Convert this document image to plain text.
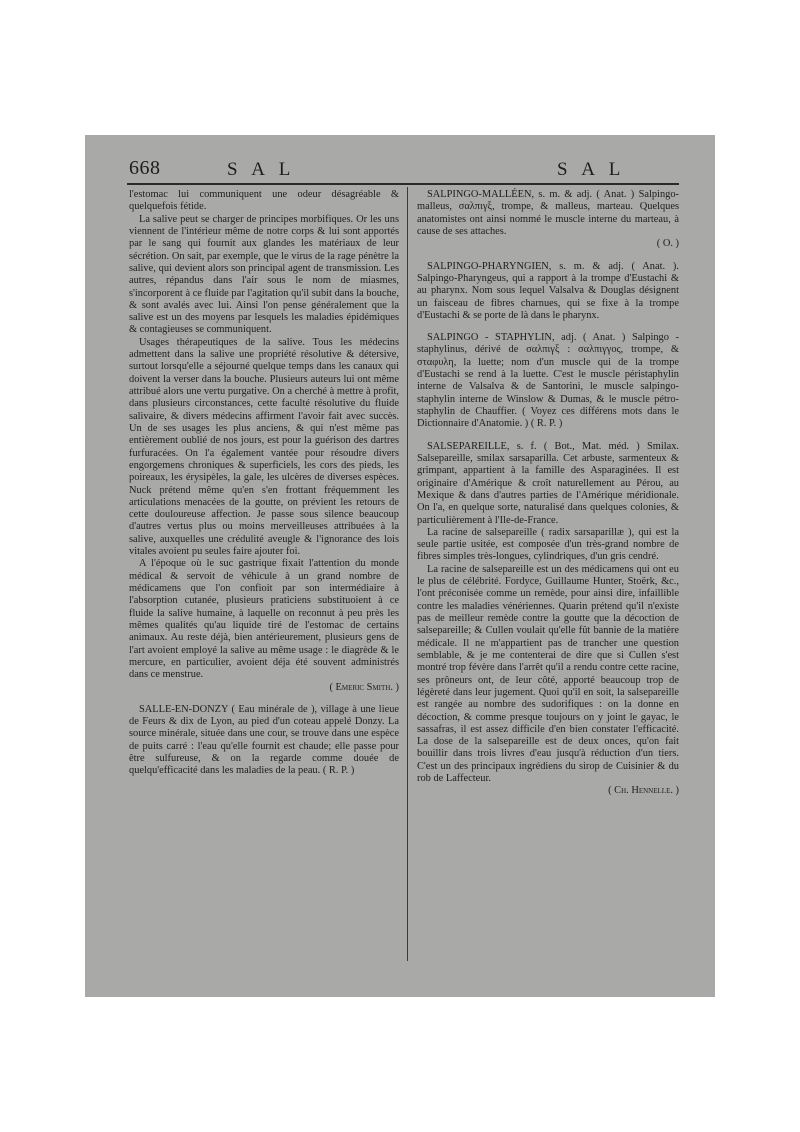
668	S A L	S A L

l'estomac lui communiquent une odeur désagréable & quelquefois fétide.

La salive peut se charger de principes morbifiques. Or les uns viennent de l'intérieur même de notre corps & lui sont apportés par le sang qui fournit aux glandes les matériaux de leur sécrétion. On sait, par exemple, que le virus de la rage pénètre la salive, qui devient alors son principal agent de transmission. Les autres, répandus dans l'air sous le nom de miasmes, s'incorporent à ce fluide par l'agitation qu'il subit dans la bouche, & sont avalés avec lui. Ainsi l'on pense généralement que la salive est un des moyens par lesquels les maladies épidémiques & contagieuses se communiquent.

Usages thérapeutiques de la salive. Tous les médecins admettent dans la salive une propriété résolutive & détersive, surtout lorsqu'elle a séjourné quelque temps dans les canaux qui doivent la verser dans la bouche. Plusieurs auteurs lui ont même attribué alors une vertu purgative. On a cherché à mettre à profit, dans plusieurs circonstances, cette faculté résolutive du fluide salivaire, & divers médecins affirment l'avoir fait avec succès. Un de ses usages les plus anciens, & qui n'est même pas entièrement oublié de nos jours, est pour la guérison des dartres furfuracées. On l'a également vantée pour résoudre divers engorgemens chroniques & superficiels, les cors des pieds, les poireaux, les érysipèles, la gale, les ulcères de diverses espèces. Nuck prétend même qu'en s'en frottant fréquemment les articulations menacées de la goutte, on prévient les retours de cette douloureuse affection. Je passe sous silence beaucoup d'autres vertus plus ou moins merveilleuses attribuées à la salive, auxquelles une crédulité aveugle & l'ignorance des lois vitales avoient pu seules faire ajouter foi.

A l'époque où le suc gastrique fixait l'attention du monde médical & servoit de véhicule à un grand nombre de médicamens que l'on confioit par son intermédiaire à l'absorption cutanée, plusieurs praticiens substituoient à ce fluide la salive humaine, à laquelle on reconnut à peu près les mêmes qualités qu'au liquide tiré de l'estomac de certains animaux. Au reste déjà, bien antérieurement, plusieurs gens de l'art avoient employé la salive au même usage : le diagrède & le mercure, en particulier, avoient déja été souvent administrés dans ce menstrue.

( Emeric Smith. )

SALLE-EN-DONZY ( Eau minérale de ), village à une lieue de Feurs & dix de Lyon, au pied d'un coteau appelé Donzy. La source minérale, située dans une cour, se trouve dans une espèce de puits carré : l'eau qu'elle fournit est chaude; elle passe pour être sulfureuse, & on la regarde comme douée de quelqu'efficacité dans les maladies de la peau. ( R. P. )

SALPINGO-MALLÉEN, s. m. & adj. ( Anat. ) Salpingo-malleus, σαλπιγξ, trompe, & malleus, marteau. Quelques anatomistes ont ainsi nommé le muscle interne du marteau, à cause de ses attaches.

( O. )

SALPINGO-PHARYNGIEN, s. m. & adj. ( Anat. ). Salpingo-Pharyngeus, qui a rapport à la trompe d'Eustachi & au pharynx. Nom sous lequel Valsalva & Douglas désignent un faisceau de fibres charnues, qui se fixe à la trompe d'Eustachi & se porte de là dans le pharynx.

SALPINGO - STAPHYLIN, adj. ( Anat. ) Salpingo - staphylinus, dérivé de σαλπιγξ : σαλπιγγος, trompe, & σταφυλη, la luette; nom d'un muscle qui de la trompe d'Eustachi se rend à la luette. C'est le muscle péristaphylin interne de Valsalva & de Santorini, le muscle salpingo-staphylin interne de Winslow & Dumas, & le muscle pétro-staphylin de Chauffier. ( Voyez ces différens mots dans le Dictionnaire d'Anatomie. ) ( R. P. )

SALSEPAREILLE, s. f. ( Bot., Mat. méd. ) Smilax. Salsepareille, smilax sarsaparilla. Cet arbuste, sarmenteux & grimpant, appartient à la famille des Asparaginées. Il est originaire d'Amérique & croît naturellement au Pérou, au Mexique & dans d'autres parties de l'Amérique méridionale. On l'a, en quelque sorte, naturalisé dans quelques colonies, & particulièrement à l'Ile-de-France.

La racine de salsepareille ( radix sarsaparillæ ), qui est la seule partie usitée, est composée d'un très-grand nombre de fibres simples très-longues, cylindriques, d'un gris cendré.

La racine de salsepareille est un des médicamens qui ont eu le plus de célébrité. Fordyce, Guillaume Hunter, Stoërk, &c., l'ont préconisée comme un remède, pour ainsi dire, infaillible contre les maladies vénériennes. Quarin prétend qu'il n'existe pas de meilleur remède contre la goutte que la décoction de salsepareille; & Cullen voulait qu'elle fût bannie de la matière médicale. Il ne m'appartient pas de trancher une question semblable, & je me contenterai de dire que si Cullen s'est montré trop févère dans l'arrêt qu'il a rendu contre cette racine, ses prôneurs ont, de leur côté, apporté beaucoup trop de légèreté dans leur jugement. Quoi qu'il en soit, la salsepareille est rangée au nombre des sudorifiques : on la donne en décoction, & comme presque toujours on y joint le gayac, le sassafras, il est assez difficile d'en bien constater l'efficacité. La dose de la salsepareille est de deux onces, qu'on fait bouillir dans trois livres d'eau jusqu'à réduction d'un tiers. C'est un des principaux ingrédiens du sirop de Cuisinier & du rob de Laffecteur.

( Ch. Hennelle. )
